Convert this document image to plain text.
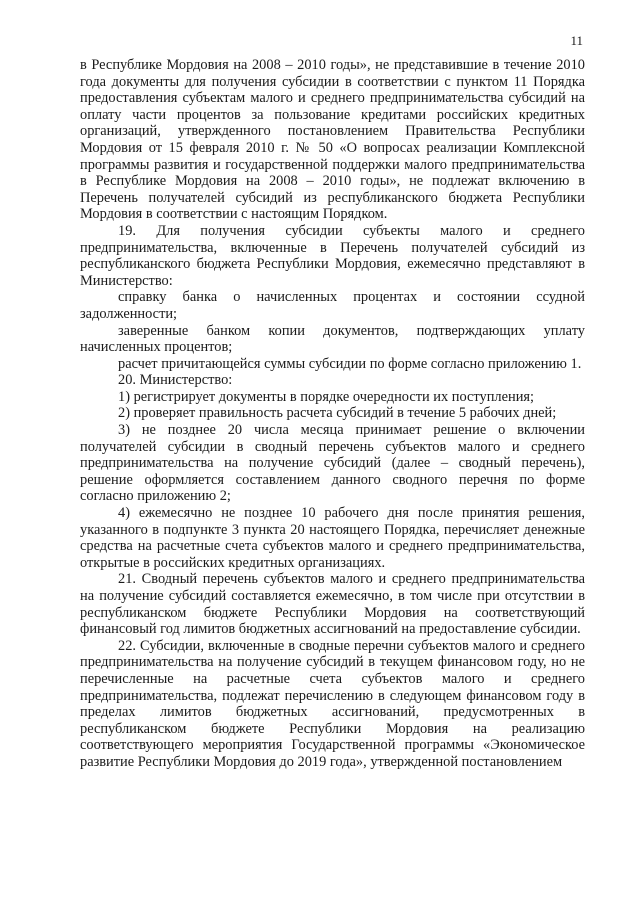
11

в Республике Мордовия на 2008 – 2010 годы», не представившие в течение 2010 года документы для получения субсидии в соответствии с пунктом 11 Порядка предоставления субъектам малого и среднего предпринимательства субсидий на оплату части процентов за пользование кредитами российских кредитных организаций, утвержденного постановлением Правительства Республики Мордовия от 15 февраля 2010 г. № 50 «О вопросах реализации Комплексной программы развития и государственной поддержки малого предпринимательства в Республике Мордовия на 2008 – 2010 годы», не подлежат включению в Перечень получателей субсидий из республиканского бюджета Республики Мордовия в соответствии с настоящим Порядком.

19. Для получения субсидии субъекты малого и среднего предпринимательства, включенные в Перечень получателей субсидий из республиканского бюджета Республики Мордовия, ежемесячно представляют в Министерство:

справку банка о начисленных процентах и состоянии ссудной задолженности;

заверенные банком копии документов, подтверждающих уплату начисленных процентов;

расчет причитающейся суммы субсидии по форме согласно приложению 1.

20. Министерство:

1) регистрирует документы в порядке очередности их поступления;

2) проверяет правильность расчета субсидий в течение 5 рабочих дней;

3) не позднее 20 числа месяца принимает решение о включении получателей субсидии в сводный перечень субъектов малого и среднего предпринимательства на получение субсидий (далее – сводный перечень), решение оформляется составлением данного сводного перечня по форме согласно приложению 2;

4) ежемесячно не позднее 10 рабочего дня после принятия решения, указанного в подпункте 3 пункта 20 настоящего Порядка, перечисляет денежные средства на расчетные счета субъектов малого и среднего предпринимательства, открытые в российских кредитных организациях.

21. Сводный перечень субъектов малого и среднего предпринимательства на получение субсидий составляется ежемесячно, в том числе при отсутствии в республиканском бюджете Республики Мордовия на соответствующий финансовый год лимитов бюджетных ассигнований на предоставление субсидии.

22. Субсидии, включенные в сводные перечни субъектов малого и среднего предпринимательства на получение субсидий в текущем финансовом году, но не перечисленные на расчетные счета субъектов малого и среднего предпринимательства, подлежат перечислению в следующем финансовом году в пределах лимитов бюджетных ассигнований, предусмотренных в республиканском бюджете Республики Мордовия на реализацию соответствующего мероприятия Государственной программы «Экономическое развитие Республики Мордовия до 2019 года», утвержденной постановлением
